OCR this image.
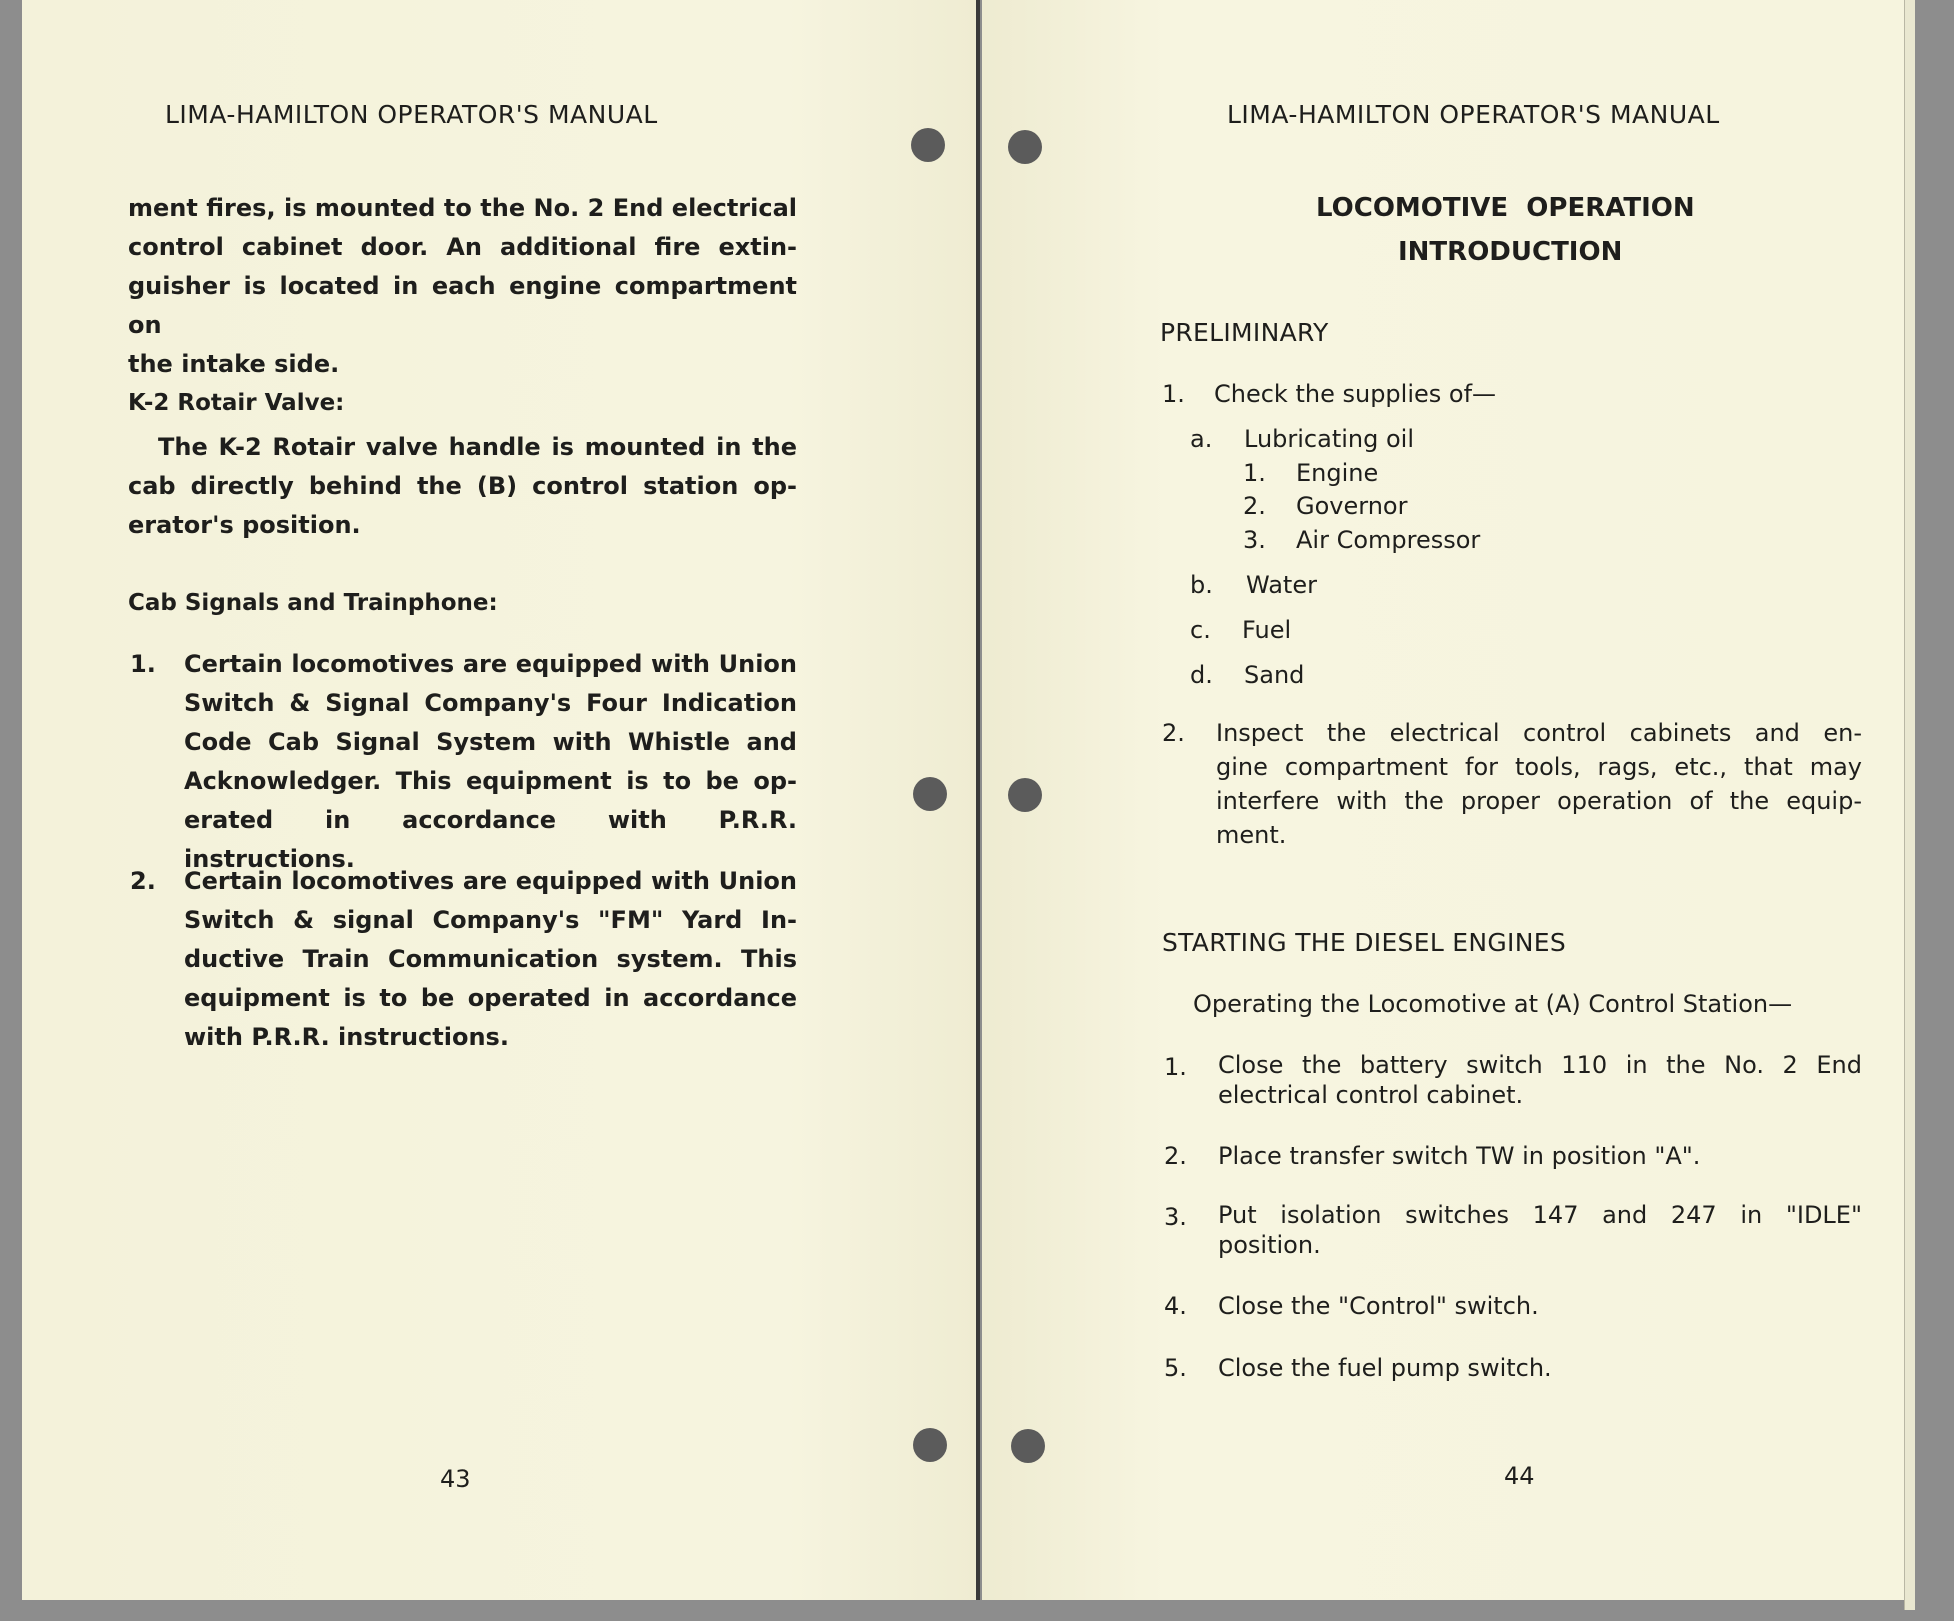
LIMA-HAMILTON OPERATOR'S MANUAL
ment fires, is mounted to the No. 2 End electrical
control cabinet door. An additional fire extin-
guisher is located in each engine compartment on
the intake side.
K-2 Rotair Valve:
The K-2 Rotair valve handle is mounted in the
cab directly behind the (B) control station op-
erator's position.
Cab Signals and Trainphone:
1. Certain locomotives are equipped with Union
Switch & Signal Company's Four Indication
Code Cab Signal System with Whistle and
Acknowledger. This equipment is to be op-
erated in accordance with P.R.R. instructions.
2. Certain locomotives are equipped with Union
Switch & signal Company's "FM" Yard In-
ductive Train Communication system. This
equipment is to be operated in accordance
with P.R.R. instructions.
43
LIMA-HAMILTON OPERATOR'S MANUAL
LOCOMOTIVE  OPERATION
INTRODUCTION
PRELIMINARY
1. Check the supplies of—
a. Lubricating oil
1. Engine
2. Governor
3. Air Compressor
b. Water
c. Fuel
d. Sand
2. Inspect the electrical control cabinets and en-
gine compartment for tools, rags, etc., that may
interfere with the proper operation of the equip-
ment.
STARTING THE DIESEL ENGINES
Operating the Locomotive at (A) Control Station—
1. Close the battery switch 110 in the No. 2 End
electrical control cabinet.
2. Place transfer switch TW in position "A".
3. Put isolation switches 147 and 247 in "IDLE"
position.
4. Close the "Control" switch.
5. Close the fuel pump switch.
44
